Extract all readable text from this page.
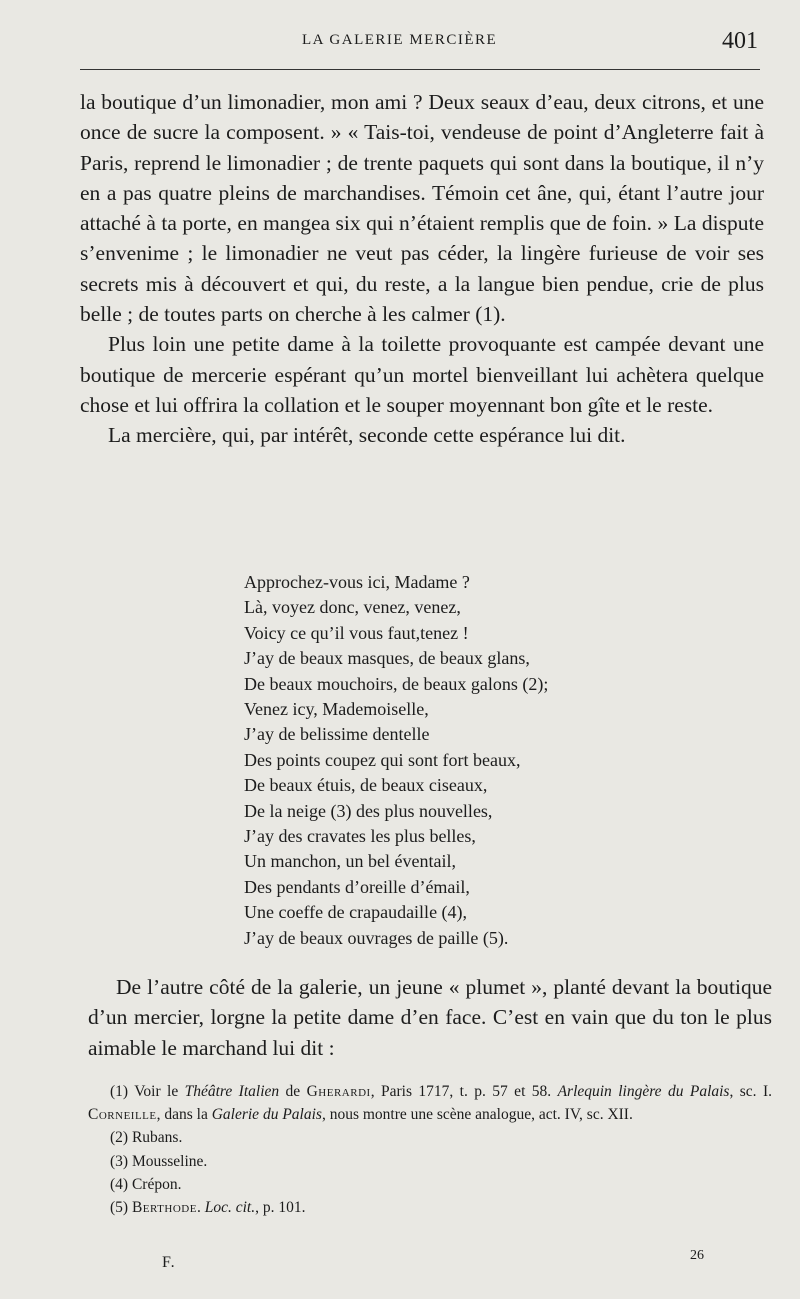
LA GALERIE MERCIÈRE	401

la boutique d’un limonadier, mon ami ? Deux seaux d’eau, deux citrons, et une once de sucre la composent. » « Tais-toi, vendeuse de point d’Angleterre fait à Paris, reprend le limonadier ; de trente paquets qui sont dans la boutique, il n’y en a pas quatre pleins de marchandises. Témoin cet âne, qui, étant l’autre jour attaché à ta porte, en mangea six qui n’étaient remplis que de foin. » La dispute s’envenime ; le limonadier ne veut pas céder, la lingère furieuse de voir ses secrets mis à découvert et qui, du reste, a la langue bien pendue, crie de plus belle ; de toutes parts on cherche à les calmer (1).

Plus loin une petite dame à la toilette provoquante est campée devant une boutique de mercerie espérant qu’un mortel bienveillant lui achètera quelque chose et lui offrira la collation et le souper moyennant bon gîte et le reste.

La mercière, qui, par intérêt, seconde cette espérance lui dit.

Approchez-vous ici, Madame ?
Là, voyez donc, venez, venez,
Voicy ce qu’il vous faut,tenez !
J’ay de beaux masques, de beaux glans,
De beaux mouchoirs, de beaux galons (2);
Venez icy, Mademoiselle,
J’ay de belissime dentelle
Des points coupez qui sont fort beaux,
De beaux étuis, de beaux ciseaux,
De la neige (3) des plus nouvelles,
J’ay des cravates les plus belles,
Un manchon, un bel éventail,
Des pendants d’oreille d’émail,
Une coeffe de crapaudaille (4),
J’ay de beaux ouvrages de paille (5).

De l’autre côté de la galerie, un jeune « plumet », planté devant la boutique d’un mercier, lorgne la petite dame d’en face. C’est en vain que du ton le plus aimable le marchand lui dit :

(1) Voir le Théâtre Italien de Gherardi, Paris 1717, t. p. 57 et 58. Arlequin lingère du Palais, sc. I. Corneille, dans la Galerie du Palais, nous montre une scène analogue, act. IV, sc. XII.

(2) Rubans.

(3) Mousseline.

(4) Crépon.

(5) Berthode. Loc. cit., p. 101.

F.	26
